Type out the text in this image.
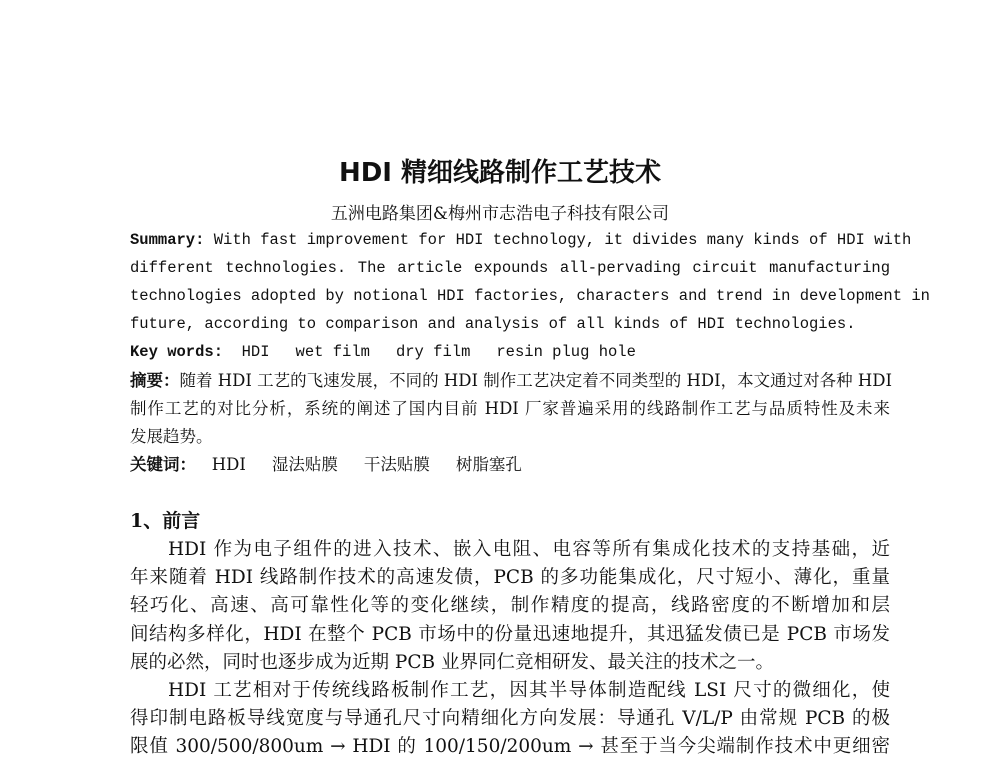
HDI 精细线路制作工艺技术
五洲电路集团&梅州市志浩电子科技有限公司
Summary: With fast improvement for HDI technology, it divides many kinds of HDI with
different technologies. The article expounds all-pervading circuit manufacturing
technologies adopted by notional HDI factories, characters and trend in development in
future, according to comparison and analysis of all kinds of HDI technologies.
Key words: HDI wet film dry film resin plug hole
摘要：随着 HDI 工艺的飞速发展，不同的 HDI 制作工艺决定着不同类型的 HDI，本文通过对各种 HDI
制作工艺的对比分析，系统的阐述了国内目前 HDI 厂家普遍采用的线路制作工艺与品质特性及未来
发展趋势。
关键词： HDI 湿法贴膜 干法贴膜 树脂塞孔
1、前言
HDI 作为电子组件的进入技术、嵌入电阻、电容等所有集成化技术的支持基础，近
年来随着 HDI 线路制作技术的高速发债，PCB 的多功能集成化，尺寸短小、薄化，重量
轻巧化、高速、高可靠性化等的变化继续，制作精度的提高，线路密度的不断增加和层
间结构多样化，HDI 在整个 PCB 市场中的份量迅速地提升，其迅猛发债已是 PCB 市场发
展的必然，同时也逐步成为近期 PCB 业界同仁竞相研发、最关注的技术之一。
HDI 工艺相对于传统线路板制作工艺，因其半导体制造配线 LSI 尺寸的微细化，使
得印制电路板导线宽度与导通孔尺寸向精细化方向发展：导通孔 V/L/P 由常规 PCB 的极
限值 300/500/800um → HDI 的 100/150/200um → 甚至于当今尖端制作技术中更细密
